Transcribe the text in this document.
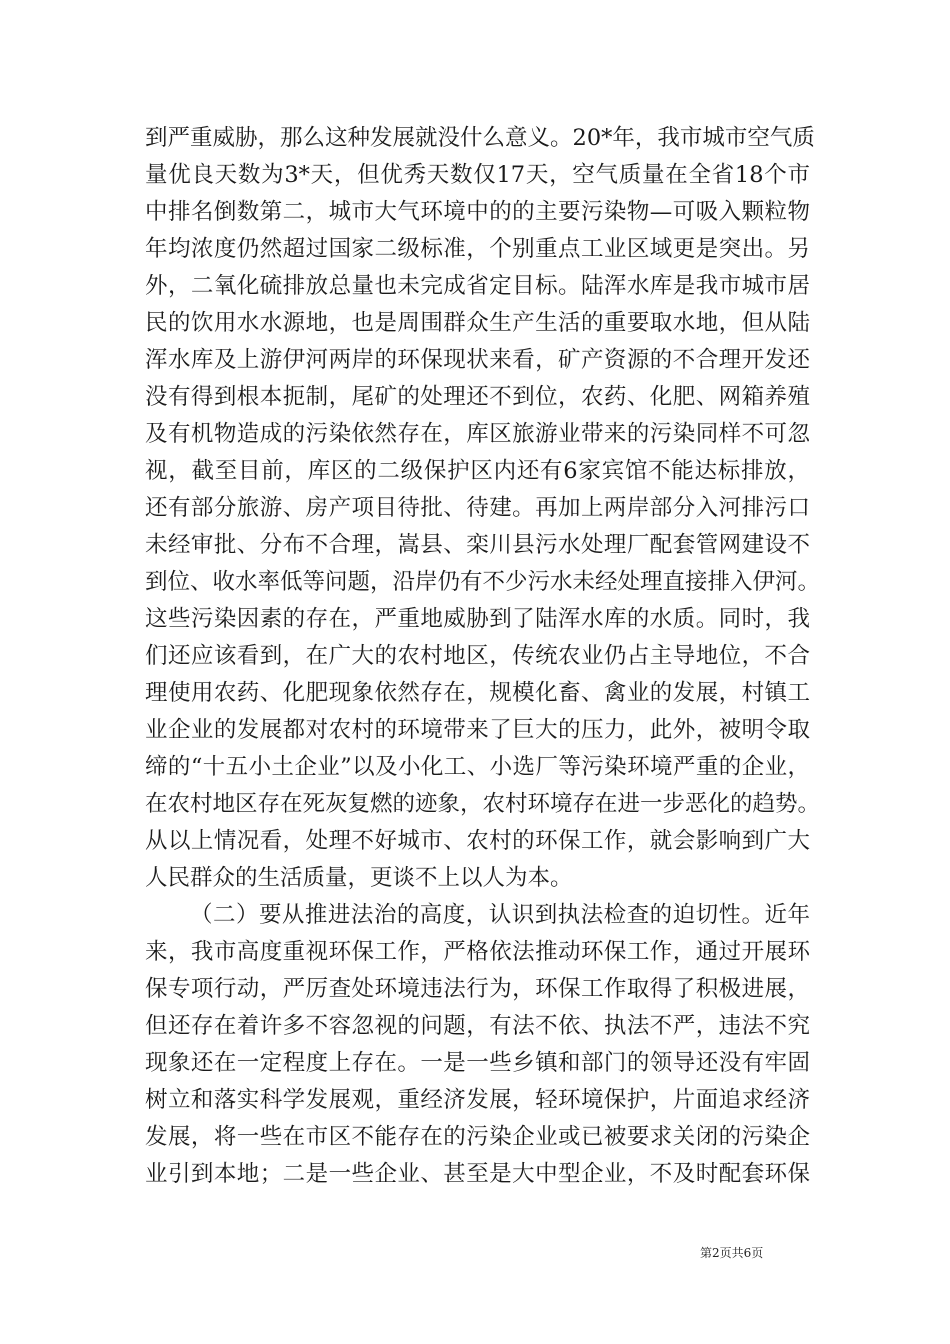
到严重威胁，那么这种发展就没什么意义。20*年，我市城市空气质
量优良天数为3*天，但优秀天数仅17天，空气质量在全省18个市
中排名倒数第二，城市大气环境中的的主要污染物—可吸入颗粒物
年均浓度仍然超过国家二级标准，个别重点工业区域更是突出。另
外，二氧化硫排放总量也未完成省定目标。陆浑水库是我市城市居
民的饮用水水源地，也是周围群众生产生活的重要取水地，但从陆
浑水库及上游伊河两岸的环保现状来看，矿产资源的不合理开发还
没有得到根本扼制，尾矿的处理还不到位，农药、化肥、网箱养殖
及有机物造成的污染依然存在，库区旅游业带来的污染同样不可忽
视，截至目前，库区的二级保护区内还有6家宾馆不能达标排放，
还有部分旅游、房产项目待批、待建。再加上两岸部分入河排污口
未经审批、分布不合理，嵩县、栾川县污水处理厂配套管网建设不
到位、收水率低等问题，沿岸仍有不少污水未经处理直接排入伊河。
这些污染因素的存在，严重地威胁到了陆浑水库的水质。同时，我
们还应该看到，在广大的农村地区，传统农业仍占主导地位，不合
理使用农药、化肥现象依然存在，规模化畜、禽业的发展，村镇工
业企业的发展都对农村的环境带来了巨大的压力，此外，被明令取
缔的“十五小土企业”以及小化工、小选厂等污染环境严重的企业，
在农村地区存在死灰复燃的迹象，农村环境存在进一步恶化的趋势。
从以上情况看，处理不好城市、农村的环保工作，就会影响到广大
人民群众的生活质量，更谈不上以人为本。
（二）要从推进法治的高度，认识到执法检查的迫切性。近年
来，我市高度重视环保工作，严格依法推动环保工作，通过开展环
保专项行动，严厉查处环境违法行为，环保工作取得了积极进展，
但还存在着许多不容忽视的问题，有法不依、执法不严，违法不究
现象还在一定程度上存在。一是一些乡镇和部门的领导还没有牢固
树立和落实科学发展观，重经济发展，轻环境保护，片面追求经济
发展，将一些在市区不能存在的污染企业或已被要求关闭的污染企
业引到本地；二是一些企业、甚至是大中型企业，不及时配套环保
第2页共6页
